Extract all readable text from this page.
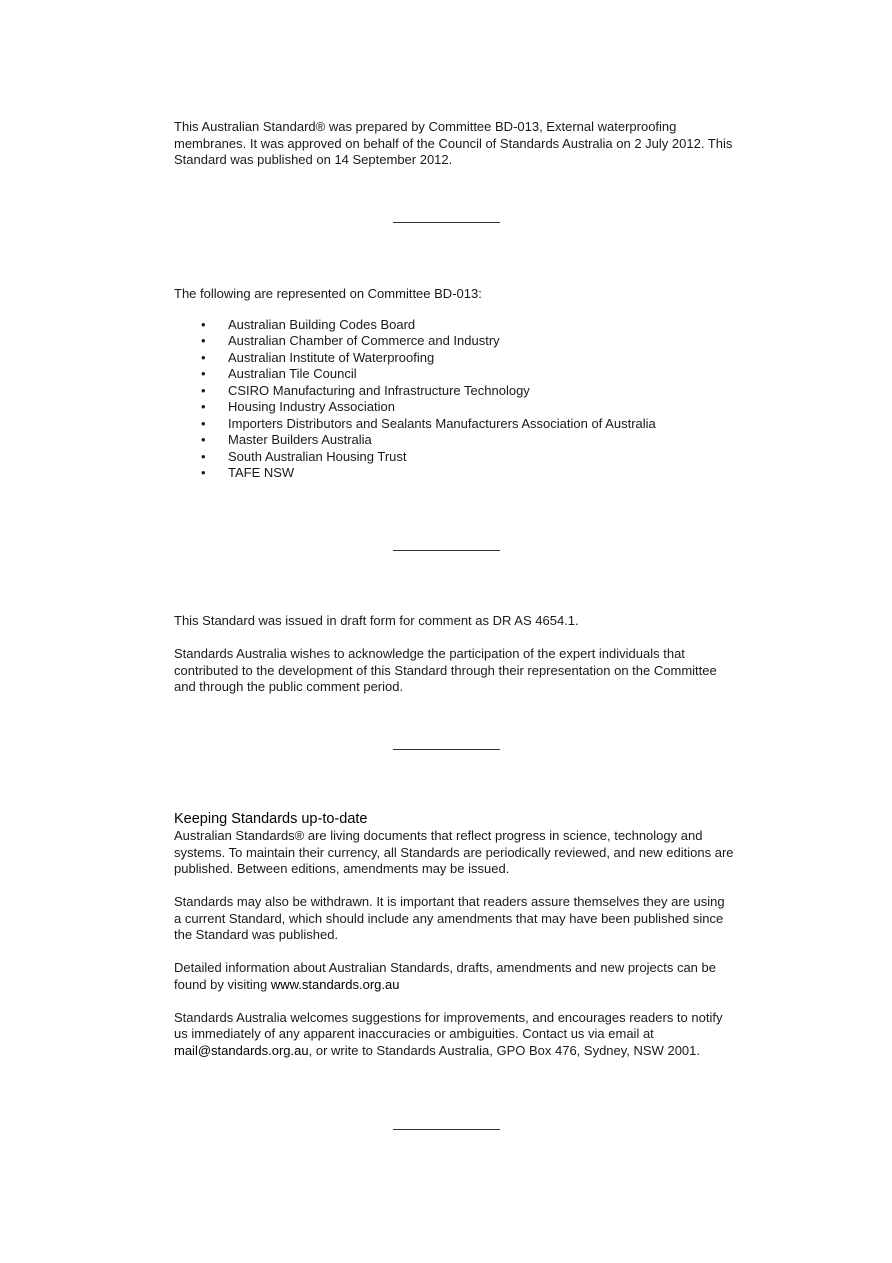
This Australian Standard® was prepared by Committee BD-013, External waterproofing membranes. It was approved on behalf of the Council of Standards Australia on 2 July 2012. This Standard was published on 14 September 2012.

The following are represented on Committee BD-013:

• Australian Building Codes Board
• Australian Chamber of Commerce and Industry
• Australian Institute of Waterproofing
• Australian Tile Council
• CSIRO Manufacturing and Infrastructure Technology
• Housing Industry Association
• Importers Distributors and Sealants Manufacturers Association of Australia
• Master Builders Australia
• South Australian Housing Trust
• TAFE NSW

This Standard was issued in draft form for comment as DR AS 4654.1.

Standards Australia wishes to acknowledge the participation of the expert individuals that contributed to the development of this Standard through their representation on the Committee and through the public comment period.

Keeping Standards up-to-date

Australian Standards® are living documents that reflect progress in science, technology and systems. To maintain their currency, all Standards are periodically reviewed, and new editions are published. Between editions, amendments may be issued.

Standards may also be withdrawn. It is important that readers assure themselves they are using a current Standard, which should include any amendments that may have been published since the Standard was published.

Detailed information about Australian Standards, drafts, amendments and new projects can be found by visiting www.standards.org.au

Standards Australia welcomes suggestions for improvements, and encourages readers to notify us immediately of any apparent inaccuracies or ambiguities. Contact us via email at mail@standards.org.au, or write to Standards Australia, GPO Box 476, Sydney, NSW 2001.
